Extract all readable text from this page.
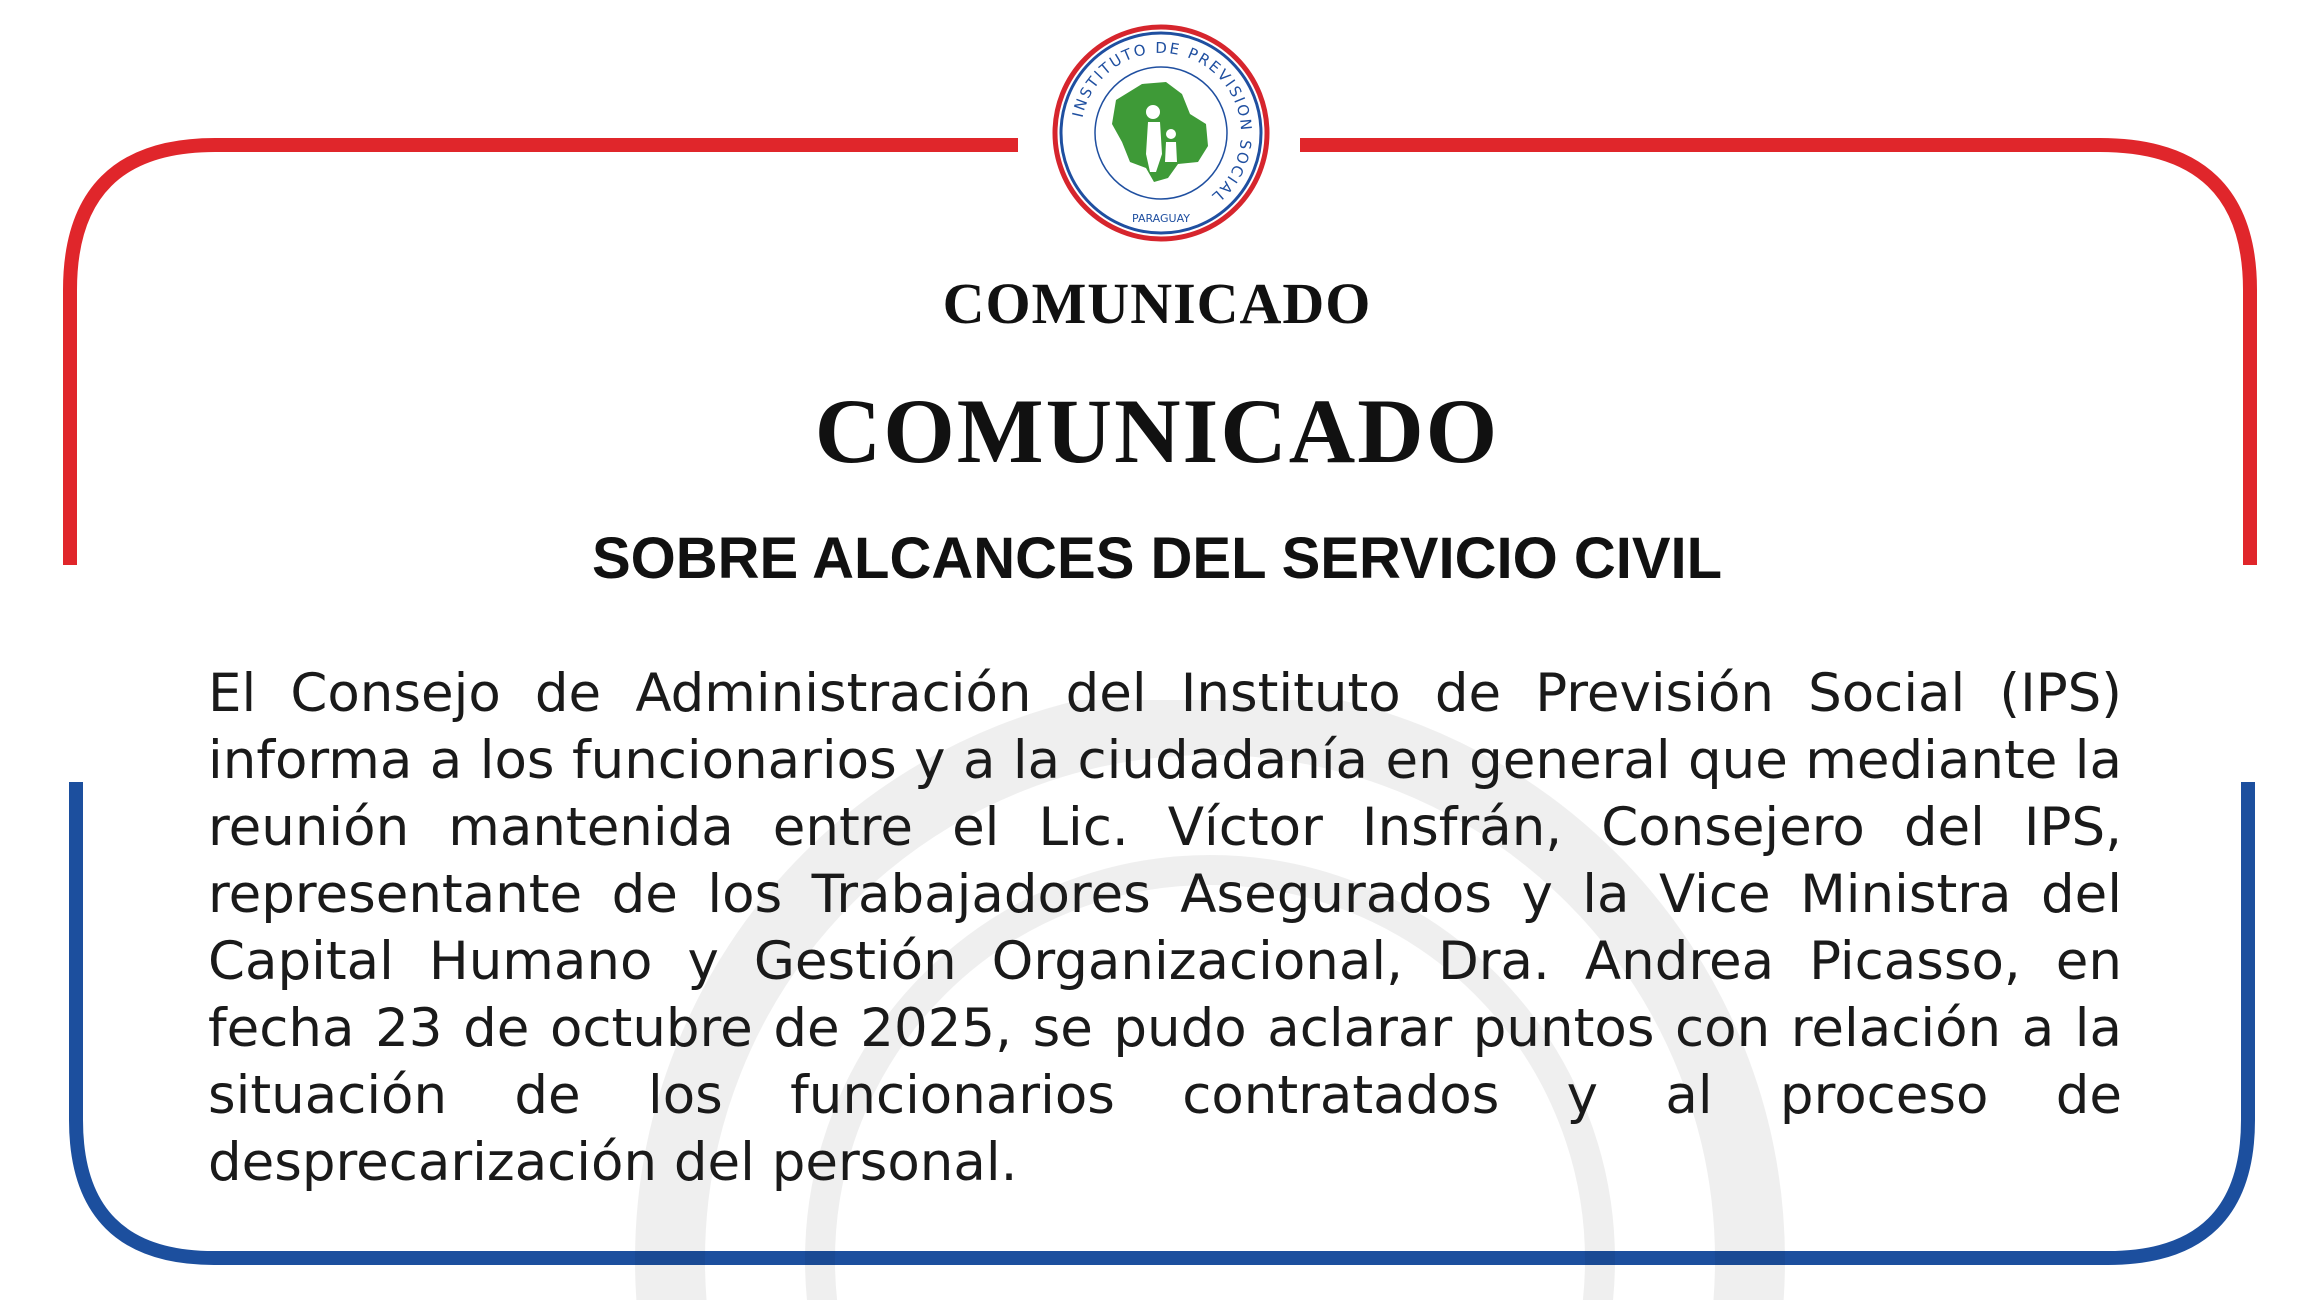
INSTITUTO DE PREVISION SOCIAL
PARAGUAY
COMUNICADO
COMUNICADO
SOBRE ALCANCES DEL SERVICIO CIVIL

El Consejo de Administración del Instituto de Previsión Social (IPS) informa a los funcionarios y a la ciudadanía en general que mediante la reunión mantenida entre el Lic. Víctor Insfrán, Consejero del IPS, representante de los Trabajadores Asegurados y la Vice Ministra del Capital Humano y Gestión Organizacional, Dra. Andrea Picasso, en fecha 23 de octubre de 2025, se pudo aclarar puntos con relación a la situación de los funcionarios contratados y al proceso de desprecarización del personal.
